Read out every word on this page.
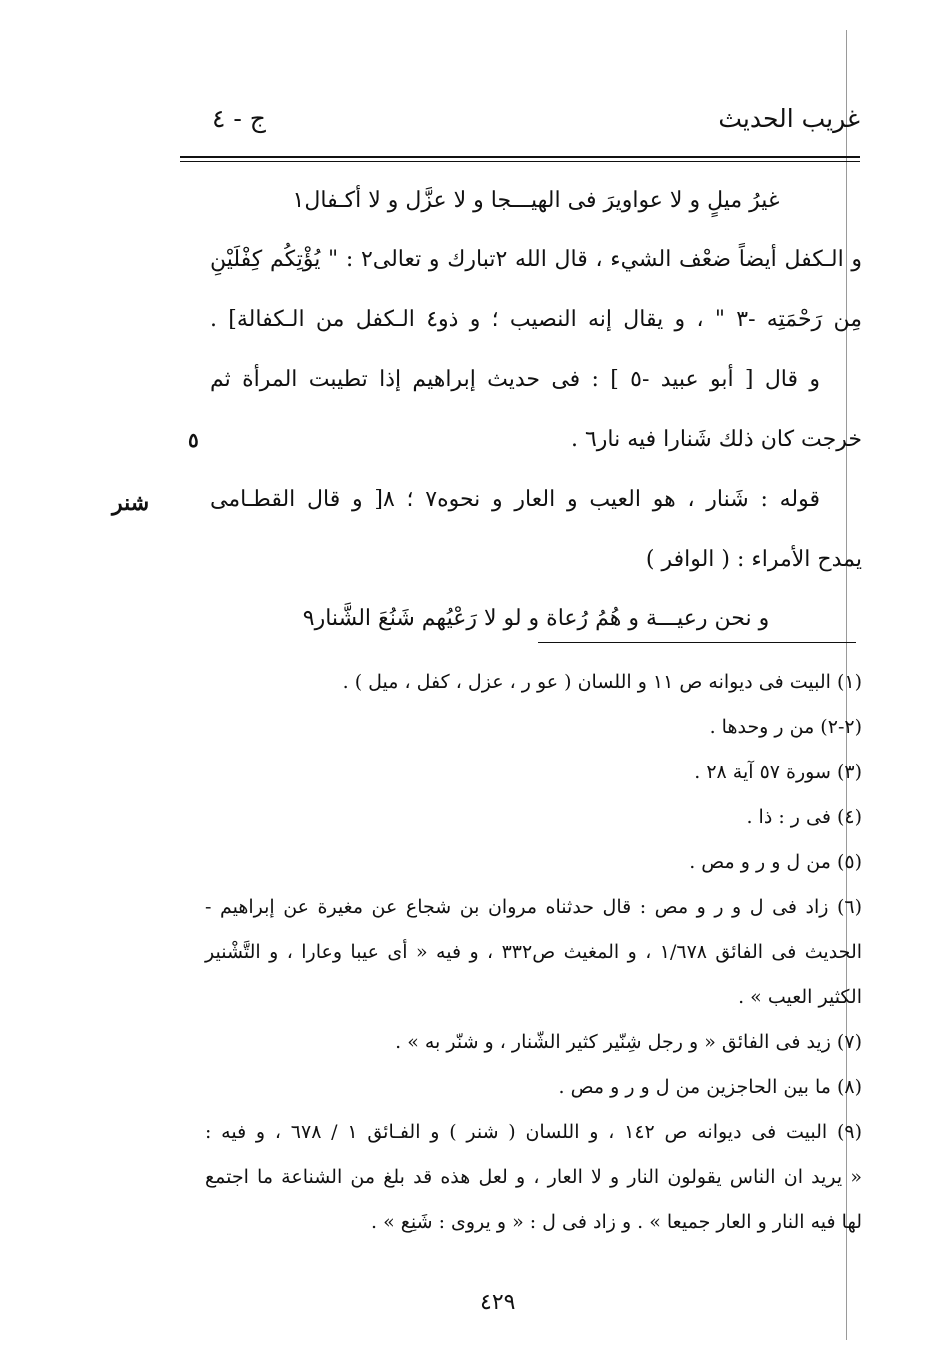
غريب الحديث
ج - ٤
غيرُ ميلٍ و لا عواويرَ فى الهيـــجا و لا عزَّل و لا أكـفال١
و الـكفل أيضاً ضعْف الشيء ، قال الله ٢تبارك و تعالى٢ : " يُؤْتِكُم كِفْلَيْنِ
مِن رَحْمَتِه -٣ " ، و يقال إنه النصيب ؛ و ذو٤ الـكفل من الـكفالة] .
و قال [ أبو عبيد -٥ ] : فى حديث إبراهيم إذا تطيبت المرأة ثم
خرجت كان ذلك شَنارا فيه نار٦ .
قوله : شَنار ، هو العيب و العار و نحوه٧ ؛ ٨[ و قال القطـامى
يمدح الأمراء : ( الوافر )
و نحن رعيـــة و هُمُ رُعاة و لو لا رَعْيُهم شَنُعَ الشَّنار٩
٥
شنر
(١) البيت فى ديوانه ص ١١ و اللسان ( عو ر ، عزل ، كفل ، ميل ) .
(٢-٢) من ر وحدها .
(٣) سورة ٥٧ آية ٢٨ .
(٤) فى ر : ذا .
(٥) من ل و ر و مص .
(٦) زاد فى ل و ر و مص : قال حدثناه مروان بن شجاع عن مغيرة عن إبراهيم -
الحديث فى الفائق ١/٦٧٨ ، و المغيث ص٣٣٢ ، و فيه « أى عيبا وعارا ، و التَّشْنير
الكثير العيب » .
(٧) زيد فى الفائق « و رجل شِنّير كثير الشّنار ، و شنّر به » .
(٨) ما بين الحاجزين من ل و ر و مص .
(٩) البيت فى ديوانه ص ١٤٢ ، و اللسان ( شنر ) و الفـائق ١ / ٦٧٨ ، و فيه :
« يريد ان الناس يقولون النار و لا العار ، و لعل هذه قد بلغ من الشناعة ما اجتمع
لها فيه النار و العار جميعا » . و زاد فى ل : « و يروى : شَنِع » .
٤٢٩
